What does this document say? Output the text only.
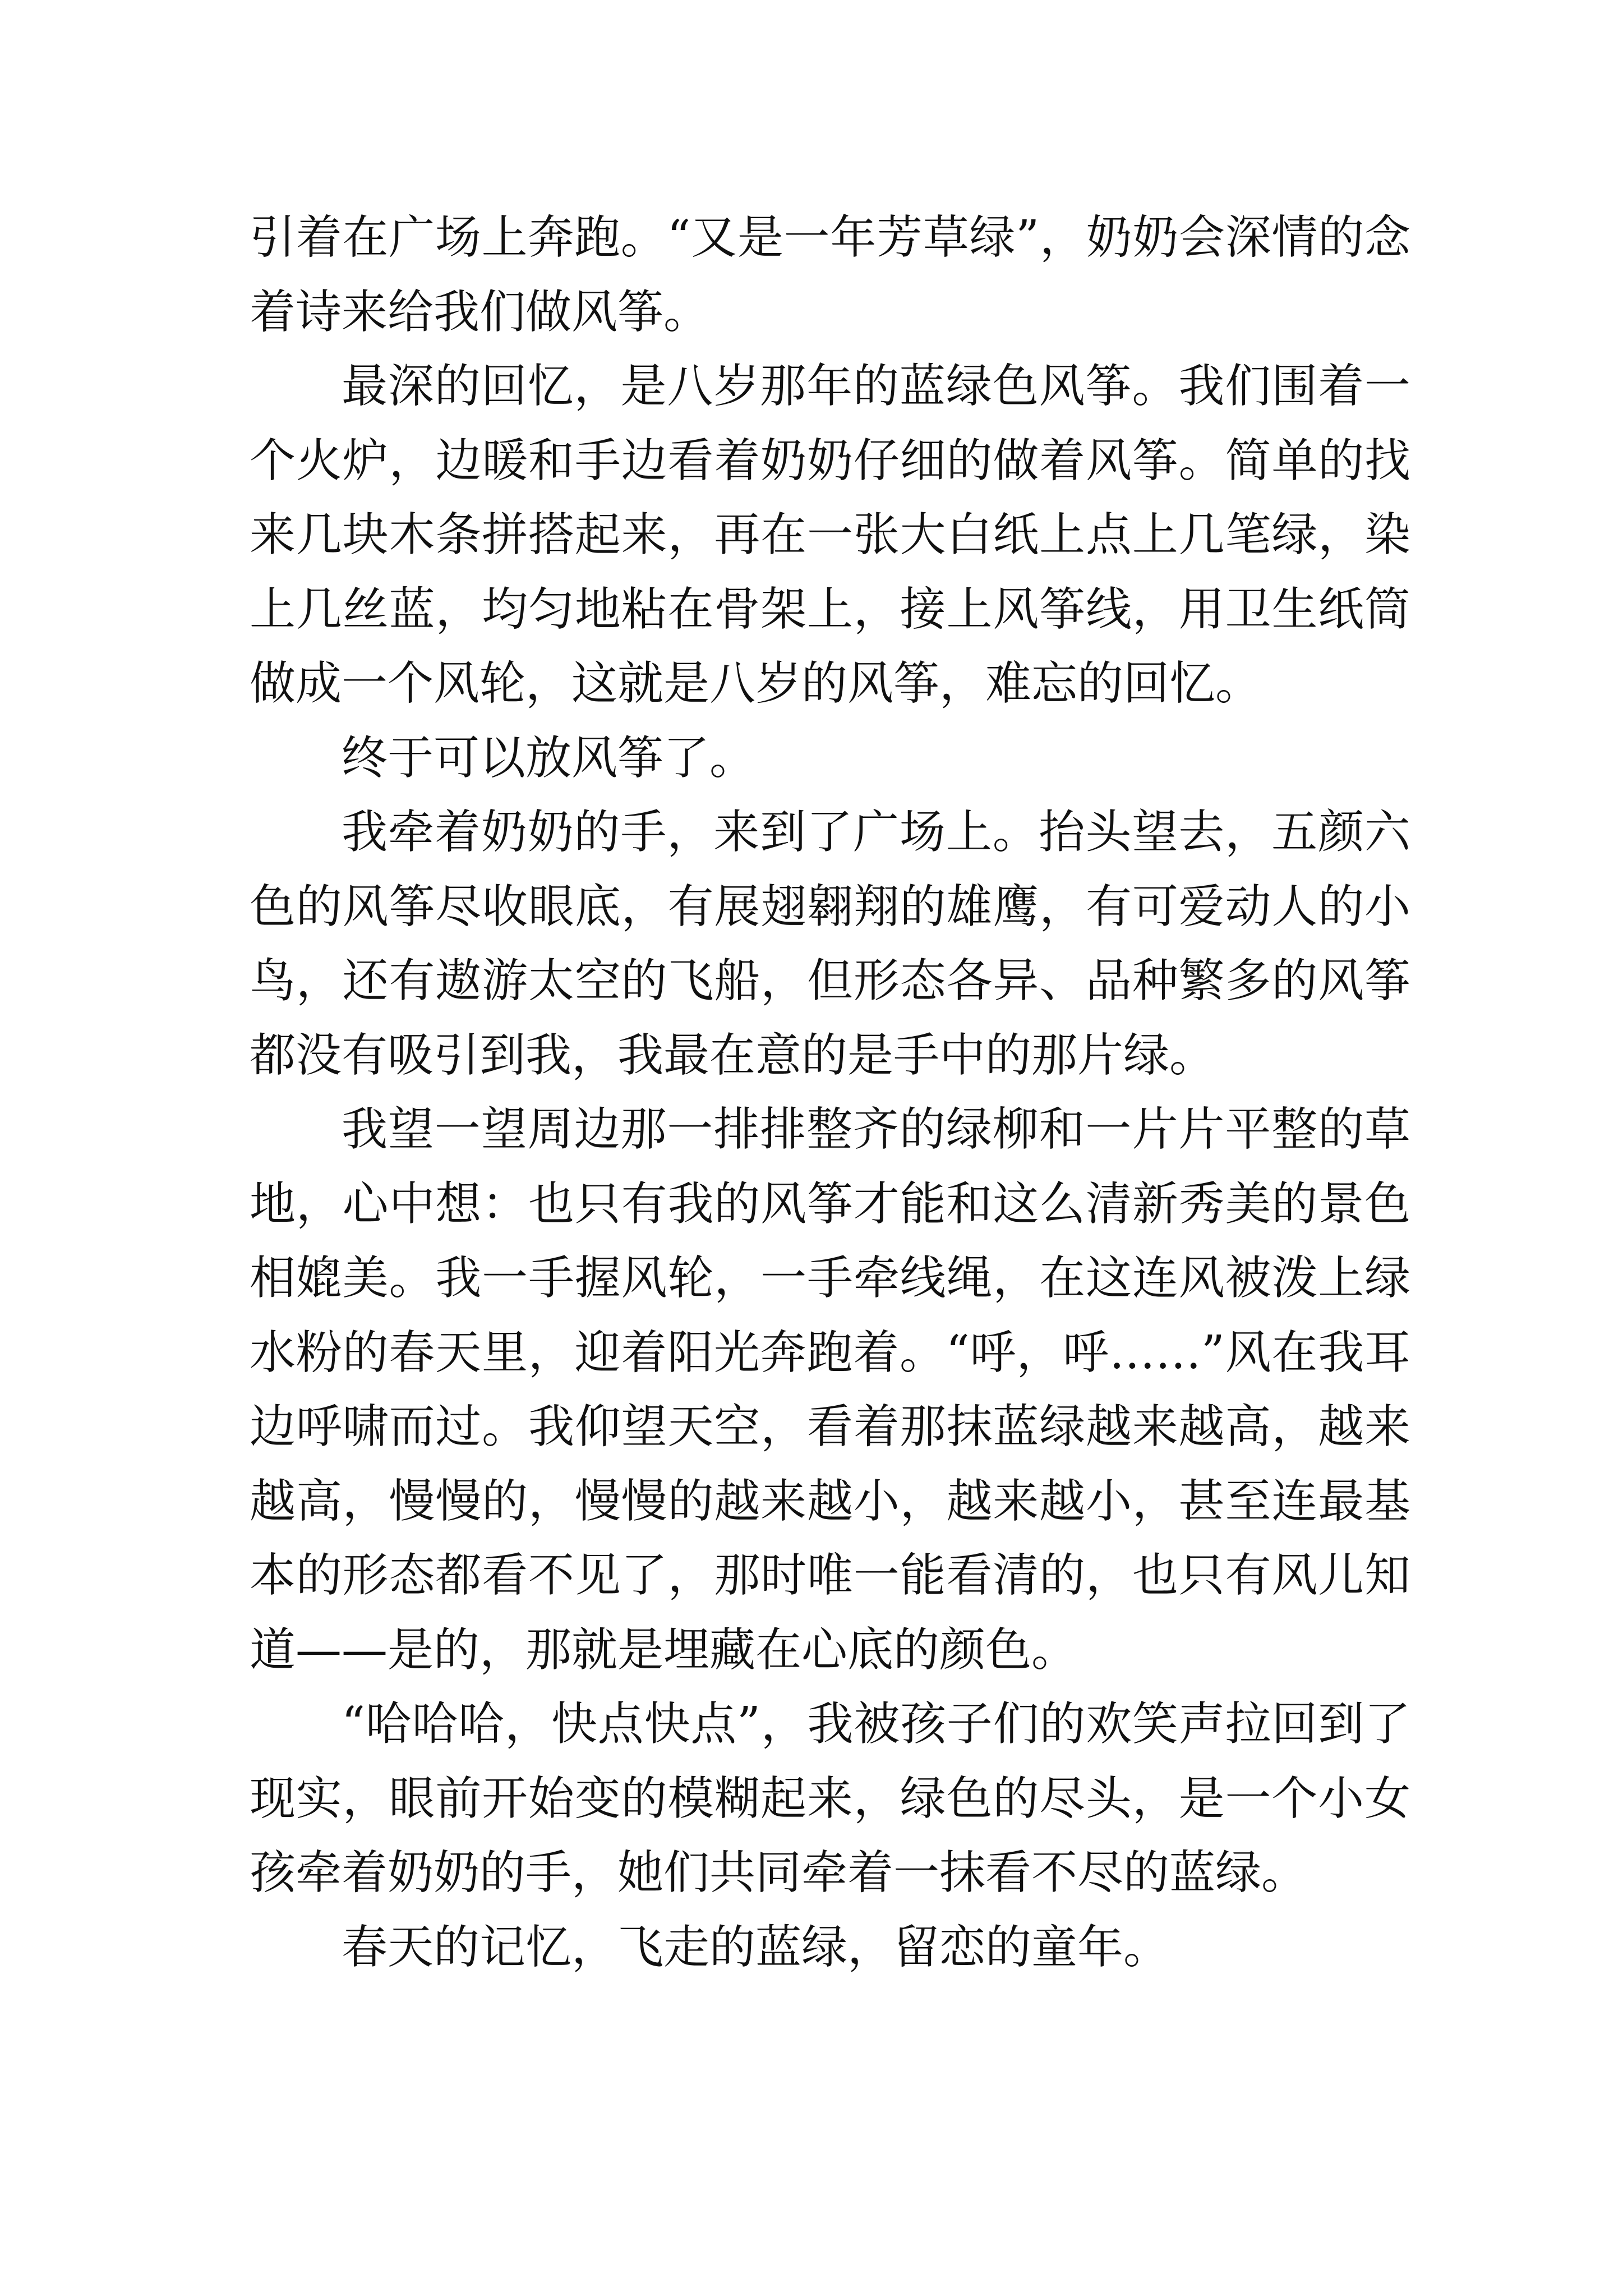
引着在广场上奔跑。“又是一年芳草绿”，奶奶会深情的念着诗来给我们做风筝。

最深的回忆，是八岁那年的蓝绿色风筝。我们围着一个火炉，边暖和手边看着奶奶仔细的做着风筝。简单的找来几块木条拼搭起来，再在一张大白纸上点上几笔绿，染上几丝蓝，均匀地粘在骨架上，接上风筝线，用卫生纸筒做成一个风轮，这就是八岁的风筝，难忘的回忆。

终于可以放风筝了。

我牵着奶奶的手，来到了广场上。抬头望去，五颜六色的风筝尽收眼底，有展翅翱翔的雄鹰，有可爱动人的小鸟，还有遨游太空的飞船，但形态各异、品种繁多的风筝都没有吸引到我，我最在意的是手中的那片绿。

我望一望周边那一排排整齐的绿柳和一片片平整的草地，心中想：也只有我的风筝才能和这么清新秀美的景色相媲美。我一手握风轮，一手牵线绳，在这连风被泼上绿水粉的春天里，迎着阳光奔跑着。“呼，呼……”风在我耳边呼啸而过。我仰望天空，看着那抹蓝绿越来越高，越来越高，慢慢的，慢慢的越来越小，越来越小，甚至连最基本的形态都看不见了，那时唯一能看清的，也只有风儿知道——是的，那就是埋藏在心底的颜色。

“哈哈哈，快点快点”，我被孩子们的欢笑声拉回到了现实，眼前开始变的模糊起来，绿色的尽头，是一个小女孩牵着奶奶的手，她们共同牵着一抹看不尽的蓝绿。

春天的记忆，飞走的蓝绿，留恋的童年。
